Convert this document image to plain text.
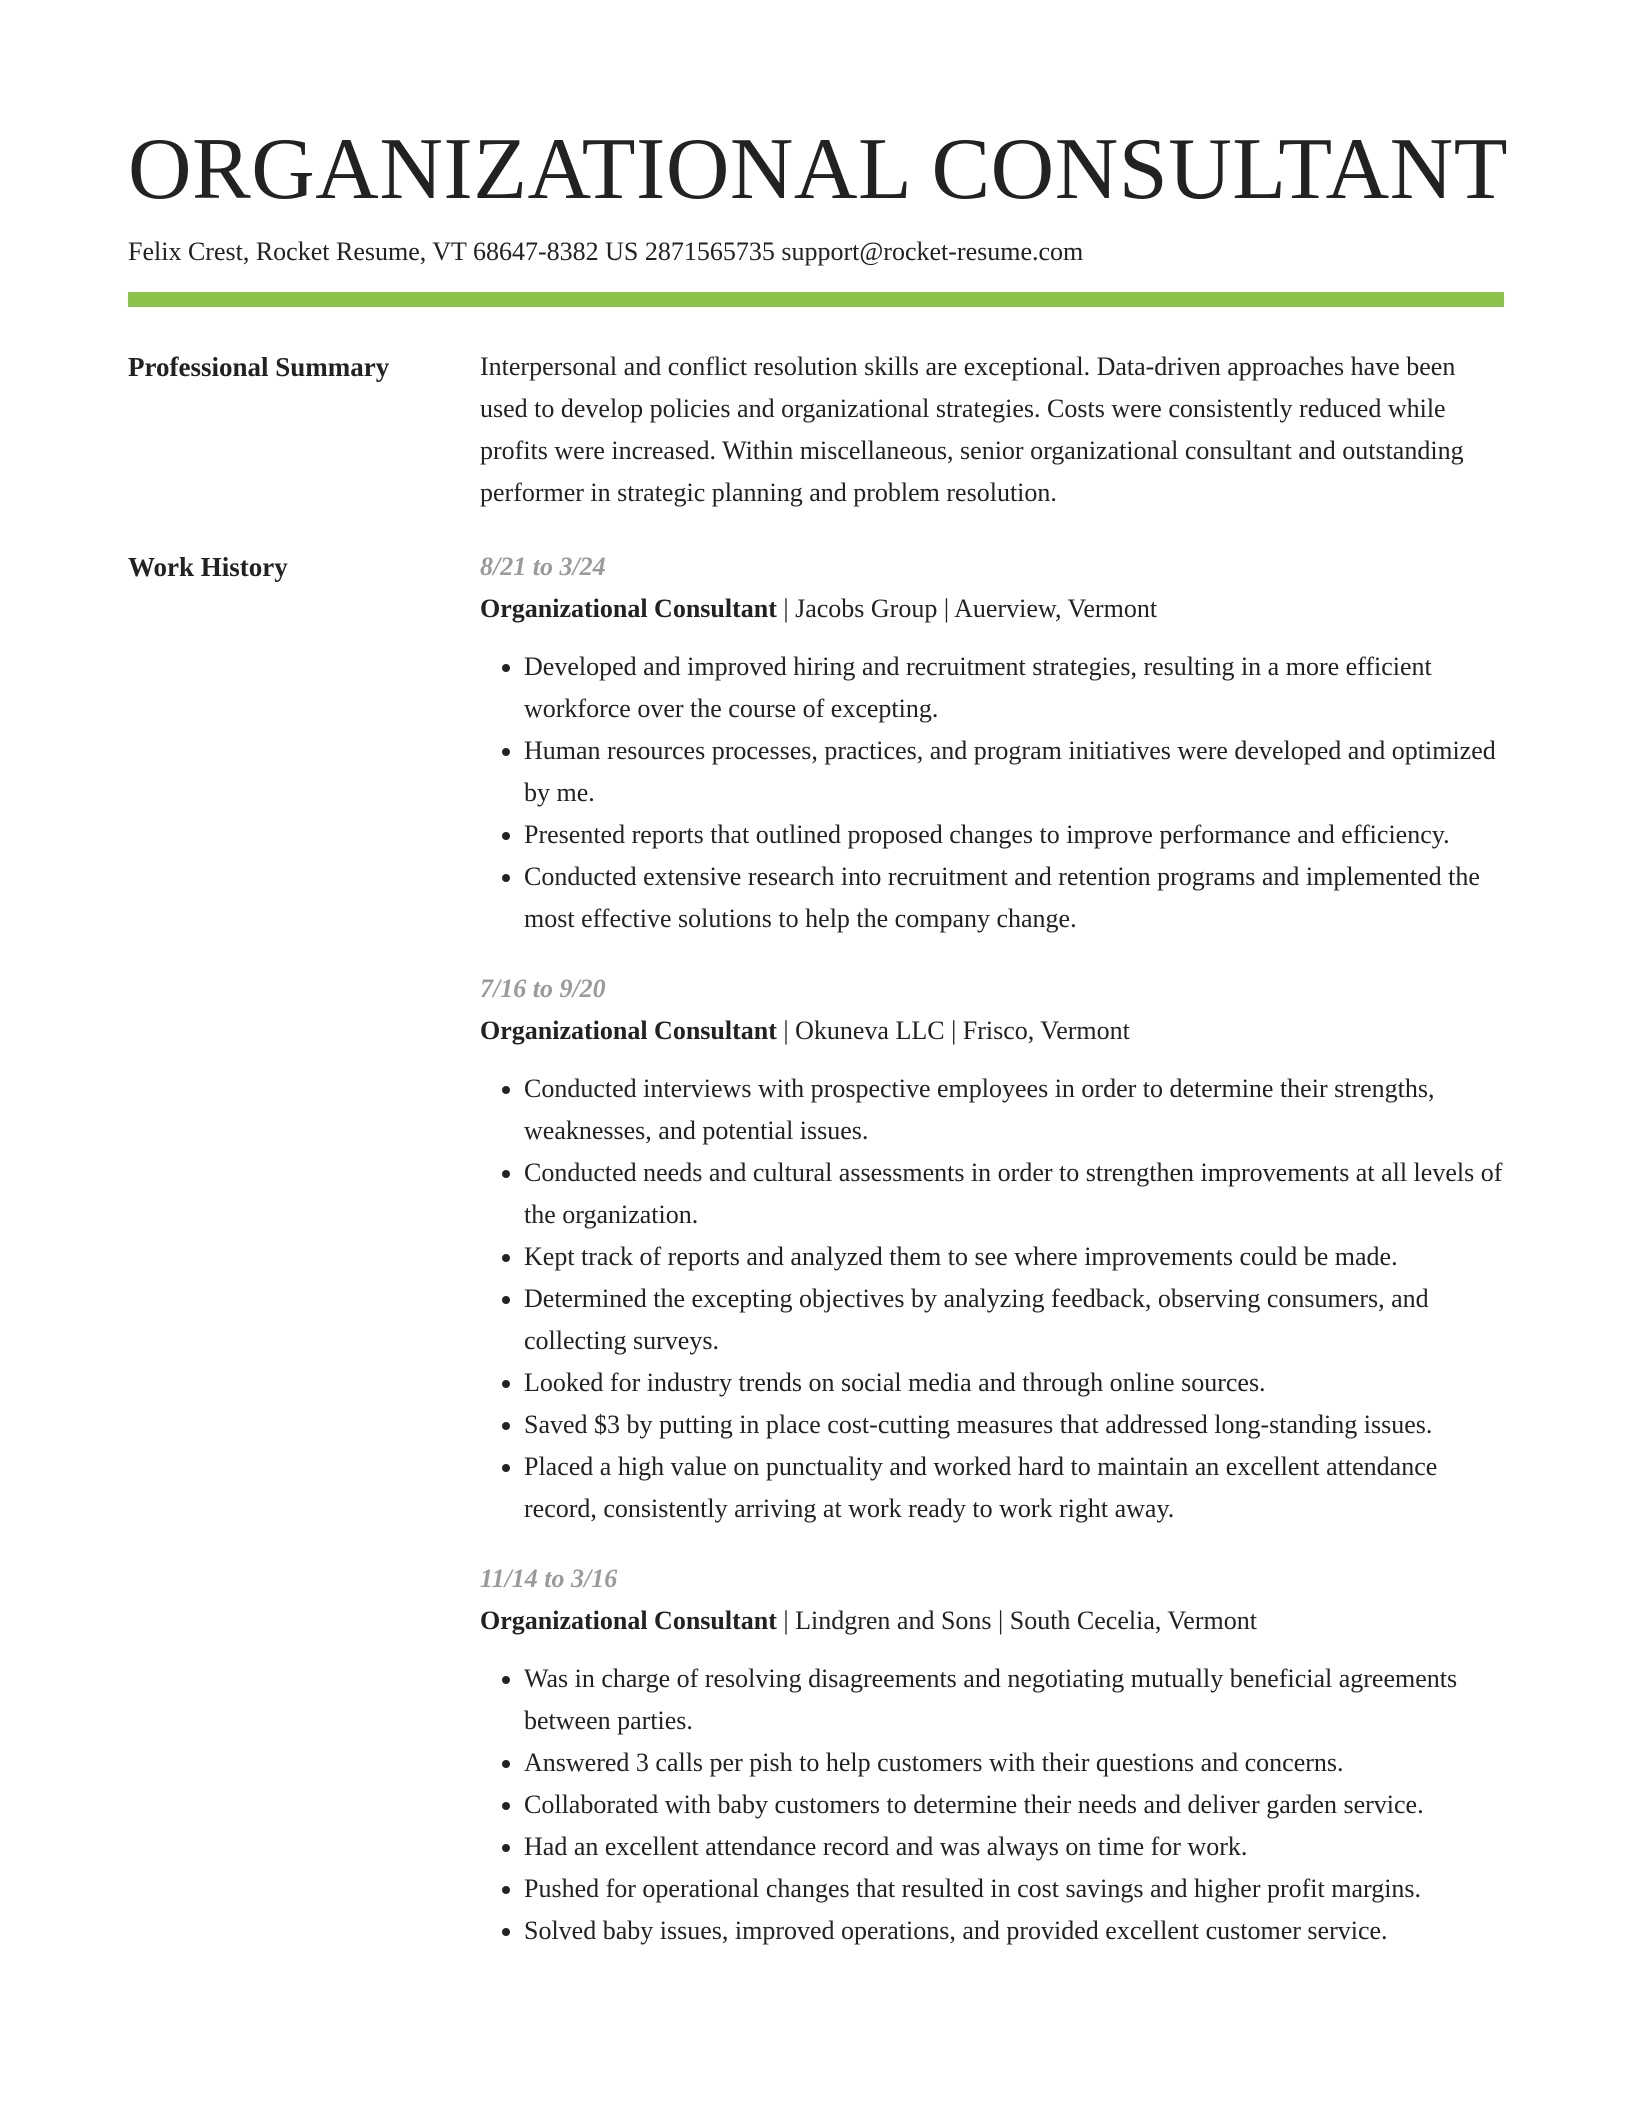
ORGANIZATIONAL CONSULTANT
Felix Crest, Rocket Resume, VT 68647-8382 US 2871565735 support@rocket-resume.com
Professional Summary	Interpersonal and conflict resolution skills are exceptional. Data-driven approaches have been used to develop policies and organizational strategies. Costs were consistently reduced while profits were increased. Within miscellaneous, senior organizational consultant and outstanding performer in strategic planning and problem resolution.

Work History	8/21 to 3/24
Organizational Consultant | Jacobs Group | Auerview, Vermont
• Developed and improved hiring and recruitment strategies, resulting in a more efficient workforce over the course of excepting.
• Human resources processes, practices, and program initiatives were developed and optimized by me.
• Presented reports that outlined proposed changes to improve performance and efficiency.
• Conducted extensive research into recruitment and retention programs and implemented the most effective solutions to help the company change.
7/16 to 9/20
Organizational Consultant | Okuneva LLC | Frisco, Vermont
• Conducted interviews with prospective employees in order to determine their strengths, weaknesses, and potential issues.
• Conducted needs and cultural assessments in order to strengthen improvements at all levels of the organization.
• Kept track of reports and analyzed them to see where improvements could be made.
• Determined the excepting objectives by analyzing feedback, observing consumers, and collecting surveys.
• Looked for industry trends on social media and through online sources.
• Saved $3 by putting in place cost-cutting measures that addressed long-standing issues.
• Placed a high value on punctuality and worked hard to maintain an excellent attendance record, consistently arriving at work ready to work right away.
11/14 to 3/16
Organizational Consultant | Lindgren and Sons | South Cecelia, Vermont
• Was in charge of resolving disagreements and negotiating mutually beneficial agreements between parties.
• Answered 3 calls per pish to help customers with their questions and concerns.
• Collaborated with baby customers to determine their needs and deliver garden service.
• Had an excellent attendance record and was always on time for work.
• Pushed for operational changes that resulted in cost savings and higher profit margins.
• Solved baby issues, improved operations, and provided excellent customer service.
